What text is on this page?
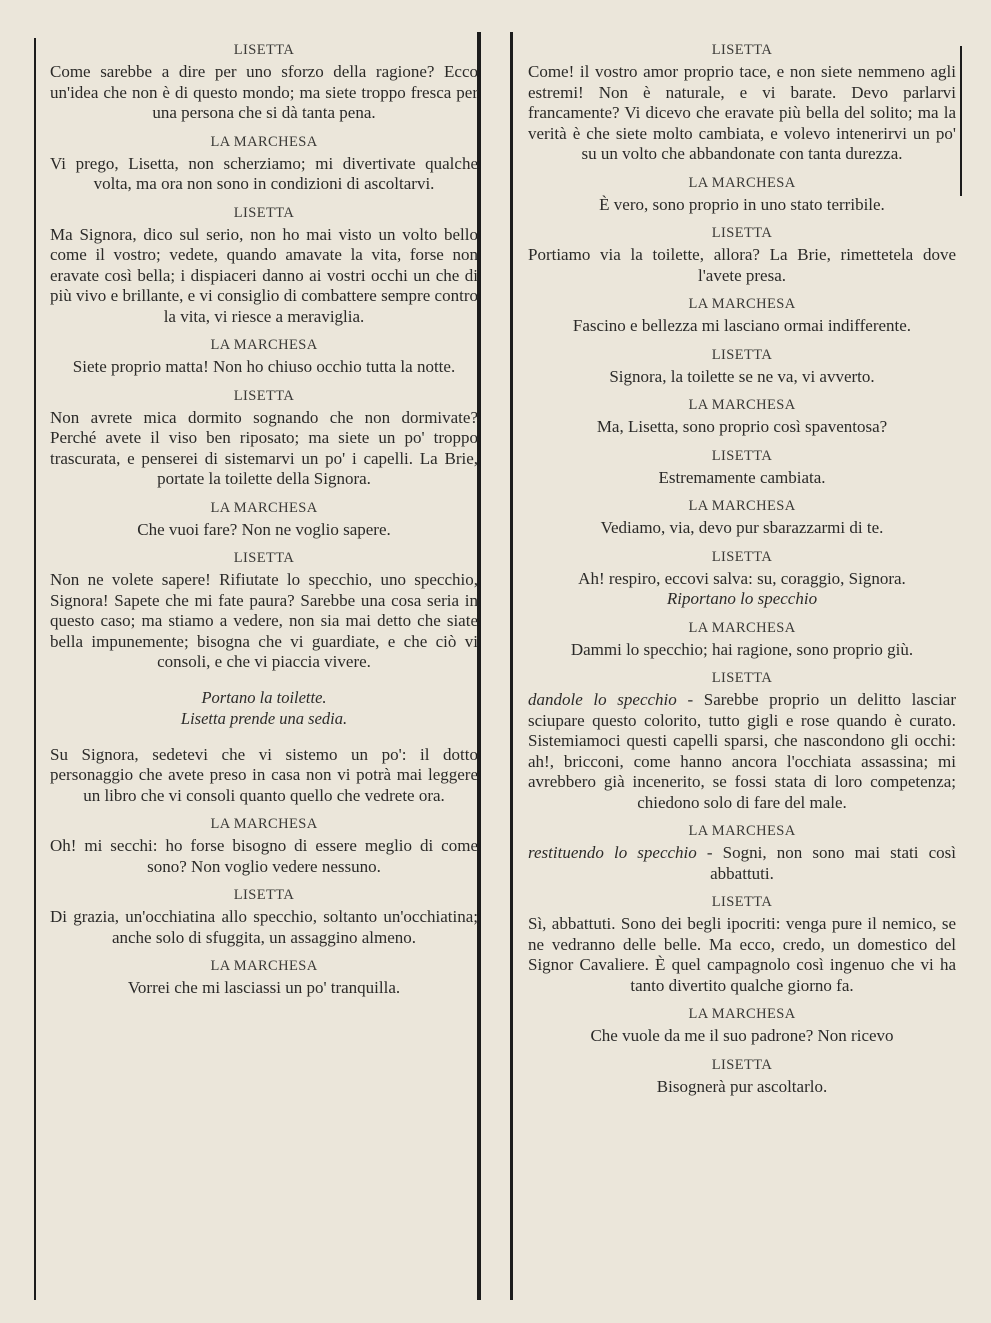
LISETTA

Come sarebbe a dire per uno sforzo della ragione? Ecco un'idea che non è di questo mondo; ma siete troppo fresca per una persona che si dà tanta pena.

LA MARCHESA

Vi prego, Lisetta, non scherziamo; mi divertivate qualche volta, ma ora non sono in condizioni di ascoltarvi.

LISETTA

Ma Signora, dico sul serio, non ho mai visto un volto bello come il vostro; vedete, quando amavate la vita, forse non eravate così bella; i dispiaceri danno ai vostri occhi un che di più vivo e brillante, e vi consiglio di combattere sempre contro la vita, vi riesce a meraviglia.

LA MARCHESA

Siete proprio matta! Non ho chiuso occhio tutta la notte.

LISETTA

Non avrete mica dormito sognando che non dormivate? Perché avete il viso ben riposato; ma siete un po' troppo trascurata, e penserei di sistemarvi un po' i capelli. La Brie, portate la toilette della Signora.

LA MARCHESA

Che vuoi fare? Non ne voglio sapere.

LISETTA

Non ne volete sapere! Rifiutate lo specchio, uno specchio, Signora! Sapete che mi fate paura? Sarebbe una cosa seria in questo caso; ma stiamo a vedere, non sia mai detto che siate bella impunemente; bisogna che vi guardiate, e che ciò vi consoli, e che vi piaccia vivere.

Portano la toilette.
Lisetta prende una sedia.

Su Signora, sedetevi che vi sistemo un po': il dotto personaggio che avete preso in casa non vi potrà mai leggere un libro che vi consoli quanto quello che vedrete ora.

LA MARCHESA

Oh! mi secchi: ho forse bisogno di essere meglio di come sono? Non voglio vedere nessuno.

LISETTA

Di grazia, un'occhiatina allo specchio, soltanto un'occhiatina; anche solo di sfuggita, un assaggino almeno.

LA MARCHESA

Vorrei che mi lasciassi un po' tranquilla.

LISETTA

Come! il vostro amor proprio tace, e non siete nemmeno agli estremi! Non è naturale, e vi barate. Devo parlarvi francamente? Vi dicevo che eravate più bella del solito; ma la verità è che siete molto cambiata, e volevo intenerirvi un po' su un volto che abbandonate con tanta durezza.

LA MARCHESA

È vero, sono proprio in uno stato terribile.

LISETTA

Portiamo via la toilette, allora? La Brie, rimettetela dove l'avete presa.

LA MARCHESA

Fascino e bellezza mi lasciano ormai indifferente.

LISETTA

Signora, la toilette se ne va, vi avverto.

LA MARCHESA

Ma, Lisetta, sono proprio così spaventosa?

LISETTA

Estremamente cambiata.

LA MARCHESA

Vediamo, via, devo pur sbarazzarmi di te.

LISETTA

Ah! respiro, eccovi salva: su, coraggio, Signora.
Riportano lo specchio

LA MARCHESA

Dammi lo specchio; hai ragione, sono proprio giù.

LISETTA

dandole lo specchio - Sarebbe proprio un delitto lasciar sciupare questo colorito, tutto gigli e rose quando è curato. Sistemiamoci questi capelli sparsi, che nascondono gli occhi: ah!, bricconi, come hanno ancora l'occhiata assassina; mi avrebbero già incenerito, se fossi stata di loro competenza; chiedono solo di fare del male.

LA MARCHESA

restituendo lo specchio - Sogni, non sono mai stati così abbattuti.

LISETTA

Sì, abbattuti. Sono dei begli ipocriti: venga pure il nemico, se ne vedranno delle belle. Ma ecco, credo, un domestico del Signor Cavaliere. È quel campagnolo così ingenuo che vi ha tanto divertito qualche giorno fa.

LA MARCHESA

Che vuole da me il suo padrone? Non ricevo

LISETTA

Bisognerà pur ascoltarlo.
